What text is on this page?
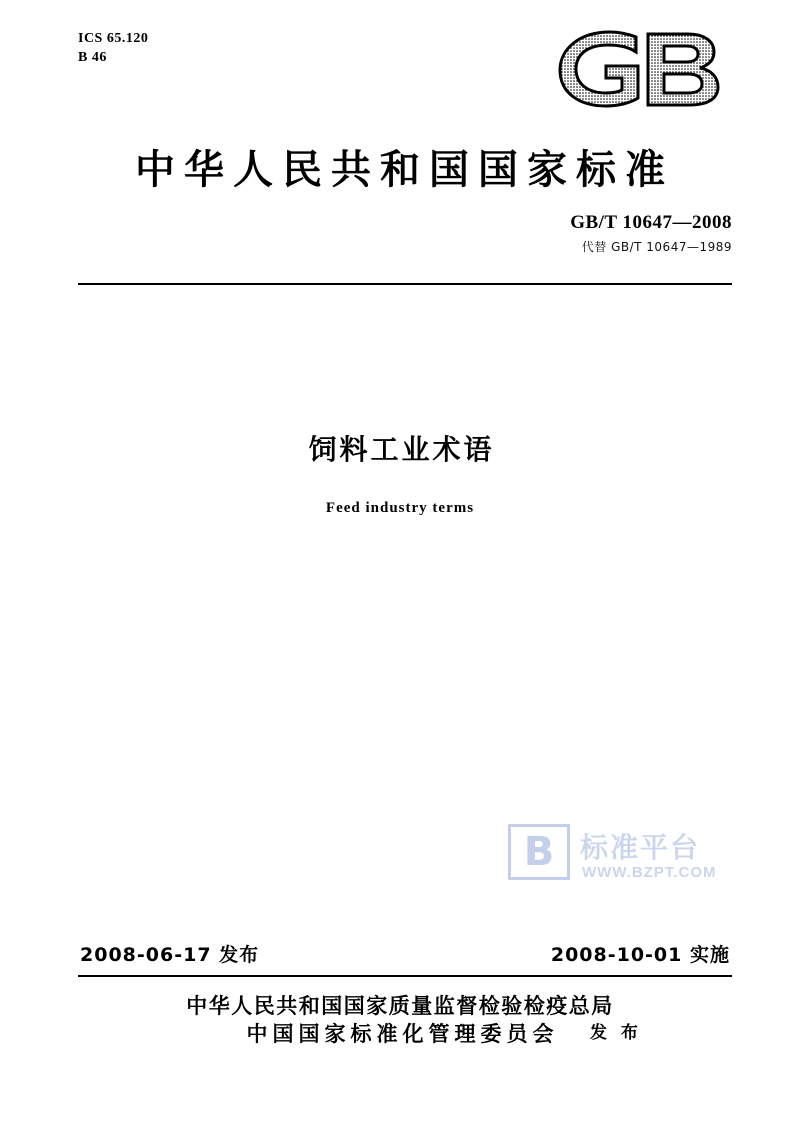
ICS 65.120
B 46
中华人民共和国国家标准
GB/T 10647—2008
代替 GB/T 10647—1989
饲料工业术语
Feed industry terms
B 标准平台
WWW.BZPT.COM
2008-06-17 发布	2008-10-01 实施
中华人民共和国国家质量监督检验检疫总局
中国国家标准化管理委员会	发 布
